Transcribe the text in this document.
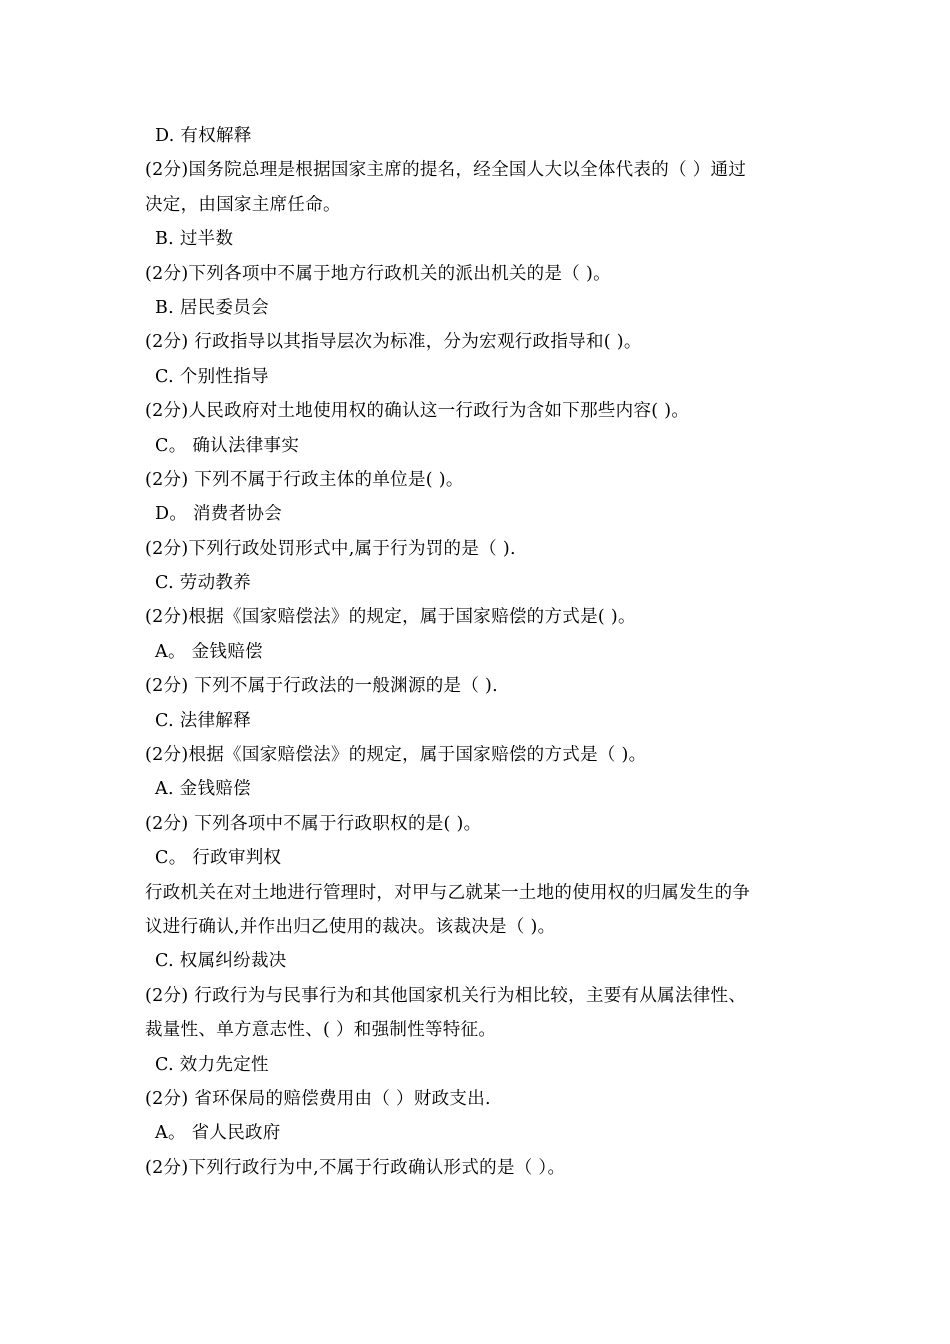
D. 有权解释
(2分)国务院总理是根据国家主席的提名，经全国人大以全体代表的（ ）通过
决定，由国家主席任命。
B. 过半数
(2分)下列各项中不属于地方行政机关的派出机关的是（ )。
B. 居民委员会
(2分) 行政指导以其指导层次为标准，分为宏观行政指导和( )。
C. 个别性指导
(2分)人民政府对土地使用权的确认这一行政行为含如下那些内容( )。
C。 确认法律事实
(2分) 下列不属于行政主体的单位是( )。
D。 消费者协会
(2分)下列行政处罚形式中,属于行为罚的是（ ).
C. 劳动教养
(2分)根据《国家赔偿法》的规定，属于国家赔偿的方式是( )。
A。 金钱赔偿
(2分) 下列不属于行政法的一般渊源的是（ ).
C. 法律解释
(2分)根据《国家赔偿法》的规定，属于国家赔偿的方式是（ )。
A. 金钱赔偿
(2分) 下列各项中不属于行政职权的是( )。
C。 行政审判权
行政机关在对土地进行管理时，对甲与乙就某一土地的使用权的归属发生的争
议进行确认,并作出归乙使用的裁决。该裁决是（ )。
C. 权属纠纷裁决
(2分) 行政行为与民事行为和其他国家机关行为相比较，主要有从属法律性、
裁量性、单方意志性、( ）和强制性等特征。
C. 效力先定性
(2分) 省环保局的赔偿费用由（ ）财政支出.
A。 省人民政府
(2分)下列行政行为中,不属于行政确认形式的是（ ）。
